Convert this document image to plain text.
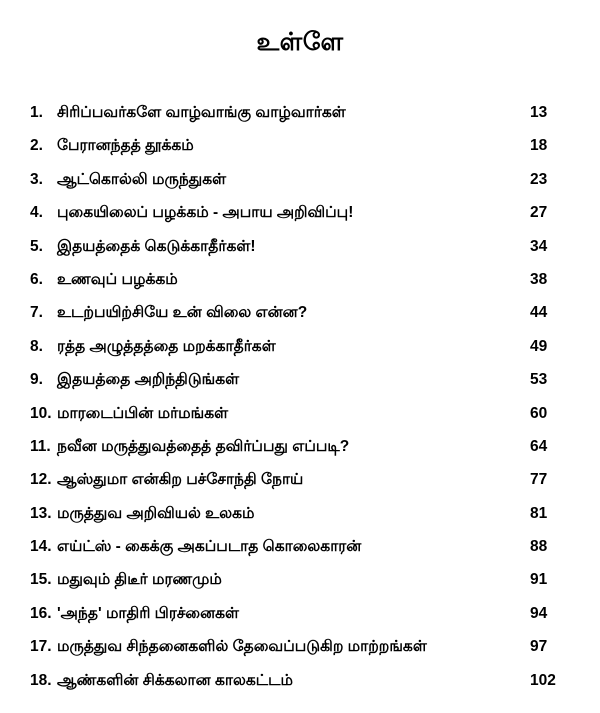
உள்ளே
1. சிரிப்பவர்களே வாழ்வாங்கு வாழ்வார்கள்	13
2. பேரானந்தத் தூக்கம்	18
3. ஆட்கொல்லி மருந்துகள்	23
4. புகையிலைப் பழக்கம் - அபாய அறிவிப்பு!	27
5. இதயத்தைக் கெடுக்காதீர்கள்!	34
6. உணவுப் பழக்கம்	38
7. உடற்பயிற்சியே உன் விலை என்ன?	44
8. ரத்த அழுத்தத்தை மறக்காதீர்கள்	49
9. இதயத்தை அறிந்திடுங்கள்	53
10. மாரடைப்பின் மர்மங்கள்	60
11. நவீன மருத்துவத்தைத் தவிர்ப்பது எப்படி?	64
12. ஆஸ்துமா என்கிற பச்சோந்தி நோய்	77
13. மருத்துவ அறிவியல் உலகம்	81
14. எய்ட்ஸ் - கைக்கு அகப்படாத கொலைகாரன்	88
15. மதுவும் திடீர் மரணமும்	91
16. 'அந்த' மாதிரி பிரச்னைகள்	94
17. மருத்துவ சிந்தனைகளில் தேவைப்படுகிற மாற்றங்கள்	97
18. ஆண்களின் சிக்கலான காலகட்டம்	102
